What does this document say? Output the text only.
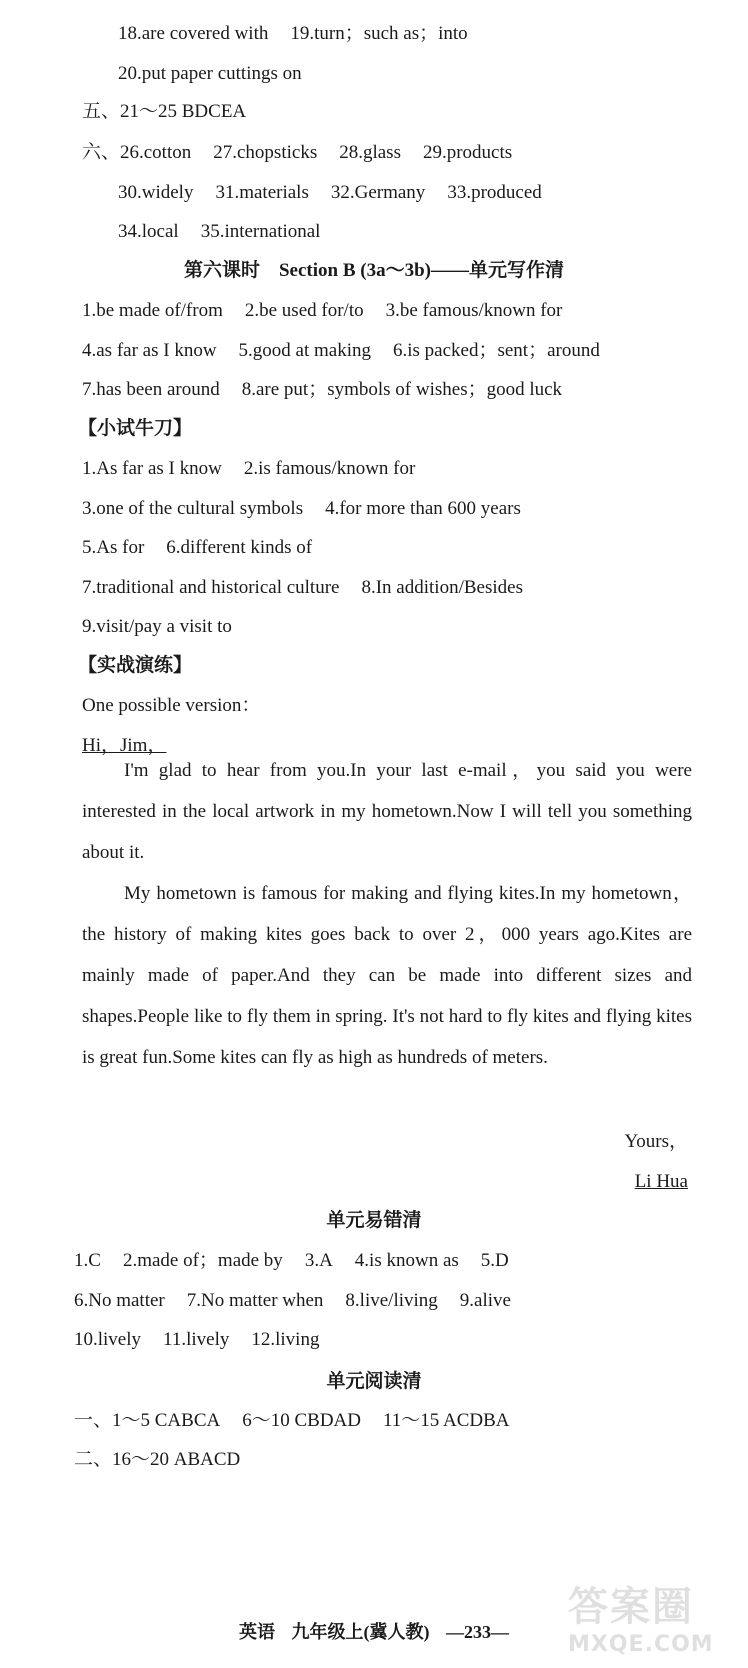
18.are covered with 19.turn；such as；into
20.put paper cuttings on
五、21～25 BDCEA
六、26.cotton 27.chopsticks 28.glass 29.products
30.widely 31.materials 32.Germany 33.produced
34.local 35.international
第六课时　Section B (3a～3b)——单元写作清
1.be made of/from 2.be used for/to 3.be famous/known for
4.as far as I know 5.good at making 6.is packed；sent；around
7.has been around 8.are put；symbols of wishes；good luck
【小试牛刀】
1.As far as I know 2.is famous/known for
3.one of the cultural symbols 4.for more than 600 years
5.As for 6.different kinds of
7.traditional and historical culture 8.In addition/Besides
9.visit/pay a visit to
【实战演练】
One possible version：
Hi，Jim，

I'm glad to hear from you.In your last e-mail，you said you were interested in the local artwork in my hometown.Now I will tell you something about it.

My hometown is famous for making and flying kites.In my hometown，the history of making kites goes back to over 2，000 years ago.Kites are mainly made of paper.And they can be made into different sizes and shapes.People like to fly them in spring. It's not hard to fly kites and flying kites is great fun.Some kites can fly as high as hundreds of meters.

Yours，
Li Hua
单元易错清
1.C 2.made of；made by 3.A 4.is known as 5.D
6.No matter 7.No matter when 8.live/living 9.alive
10.lively 11.lively 12.living
单元阅读清
一、1～5 CABCA 6～10 CBDAD 11～15 ACDBA
二、16～20 ABACD
英语 九年级上(冀人教) —233—
答案圈
MXQE.COM
